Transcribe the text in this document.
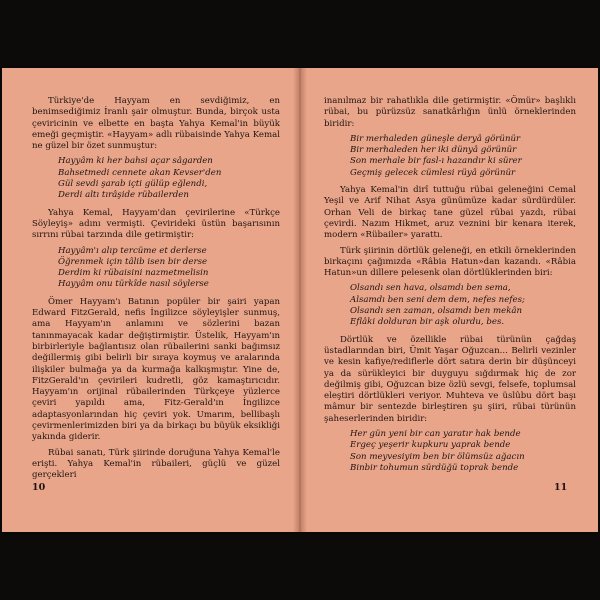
Türkiye'de Hayyam en sevdiğimiz, en benimsediğimiz İranlı şair olmuştur. Bunda, birçok usta çeviricinin ve elbette en başta Yahya Kemal'in büyük emeği geçmiştir. «Hayyam» adlı rübaisinde Yahya Kemal ne güzel bir özet sunmuştur:

Hayyâm ki her bahsi açar sâgarden
Bahsetmedi cennete akan Kevser'den
Gül sevdi şarab içti gülüp eğlendi,
Derdi altı tırâşide rübailerden

Yahya Kemal, Hayyam'dan çevirilerine «Türkçe Söyleyiş» adını vermişti. Çevirideki üstün başarısının sırrını rübai tarzında dile getirmiştir:

Hayyâm'ı alıp tercüme et derlerse
Öğrenmek için tâlib isen bir derse
Derdim ki rübaisini nazmetmelisin
Hayyâm onu türkîde nasıl söylerse

Ömer Hayyam'ı Batının popüler bir şairi yapan Edward FitzGerald, nefis İngilizce söyleyişler sunmuş, ama Hayyam'ın anlamını ve sözlerini bazan tanınmayacak kadar değiştirmiştir. Üstelik, Hayyam'ın birbirleriyle bağlantısız olan rübailerini sanki bağımsız değillermiş gibi belirli bir sıraya koymuş ve aralarında ilişkiler bulmağa ya da kurmağa kalkışmıştır. Yine de, FitzGerald'ın çevirileri kudretli, göz kamaştırıcıdır. Hayyam'ın orijinal rübailerinden Türkçeye yüzlerce çeviri yapıldı ama, Fitz-Gerald'ın İngilizce adaptasyonlarından hiç çeviri yok. Umarım, bellibaşlı çevirmenlerimizden biri ya da birkaçı bu büyük eksikliği yakında giderir.

Rübai sanatı, Türk şiirinde doruğuna Yahya Kemal'le erişti. Yahya Kemal'in rübaileri, güçlü ve güzel gerçekleri

10

inanılmaz bir rahatlıkla dile getirmiştir. «Ömür» başlıklı rübai, bu pürüzsüz sanatkârlığın ünlü örneklerinden biridir:

Bir merhaleden güneşle deryâ görünür
Bir merhaleden her iki dünyâ görünür
Son merhale bir fasl-ı hazandır ki sürer
Geçmiş gelecek cümlesi rüyâ görünür

Yahya Kemal'in dirî tuttuğu rübai geleneğini Cemal Yeşil ve Arif Nihat Asya günümüze kadar sürdürdüler. Orhan Veli de birkaç tane güzel rübai yazdı, rübai çevirdi. Nazım Hikmet, aruz veznini bir kenara iterek, modern «Rübailer» yarattı.

Türk şiirinin dörtlük geleneği, en etkili örneklerinden birkaçını çağımızda «Râbia Hatun»dan kazandı. «Râbia Hatun»un dillere pelesenk olan dörtlüklerinden biri:

Olsandı sen hava, olsamdı ben sema,
Alsamdı ben seni dem dem, nefes nefes;
Olsandı sen zaman, olsamdı ben mekân
Eflâki dolduran bir aşk olurdu, bes.

Dörtlük ve özellikle rübai türünün çağdaş üstadlarından biri, Ümit Yaşar Oğuzcan... Belirli vezinler ve kesin kafiye/rediflerle dört satıra derin bir düşünceyi ya da sürükleyici bir duyguyu sığdırmak hiç de zor değilmiş gibi, Oğuzcan bize özlü sevgi, felsefe, toplumsal eleştiri dörtlükleri veriyor. Muhteva ve üslûbu dört başı mâmur bir sentezde birleştiren şu şiiri, rübai türünün şaheserlerinden biridir:

Her gün yeni bir can yaratır hak bende
Ergeç yeşerir kupkuru yaprak bende
Son meyvesiyim ben bir ölümsüz ağacın
Binbir tohumun sürdüğü toprak bende
11
